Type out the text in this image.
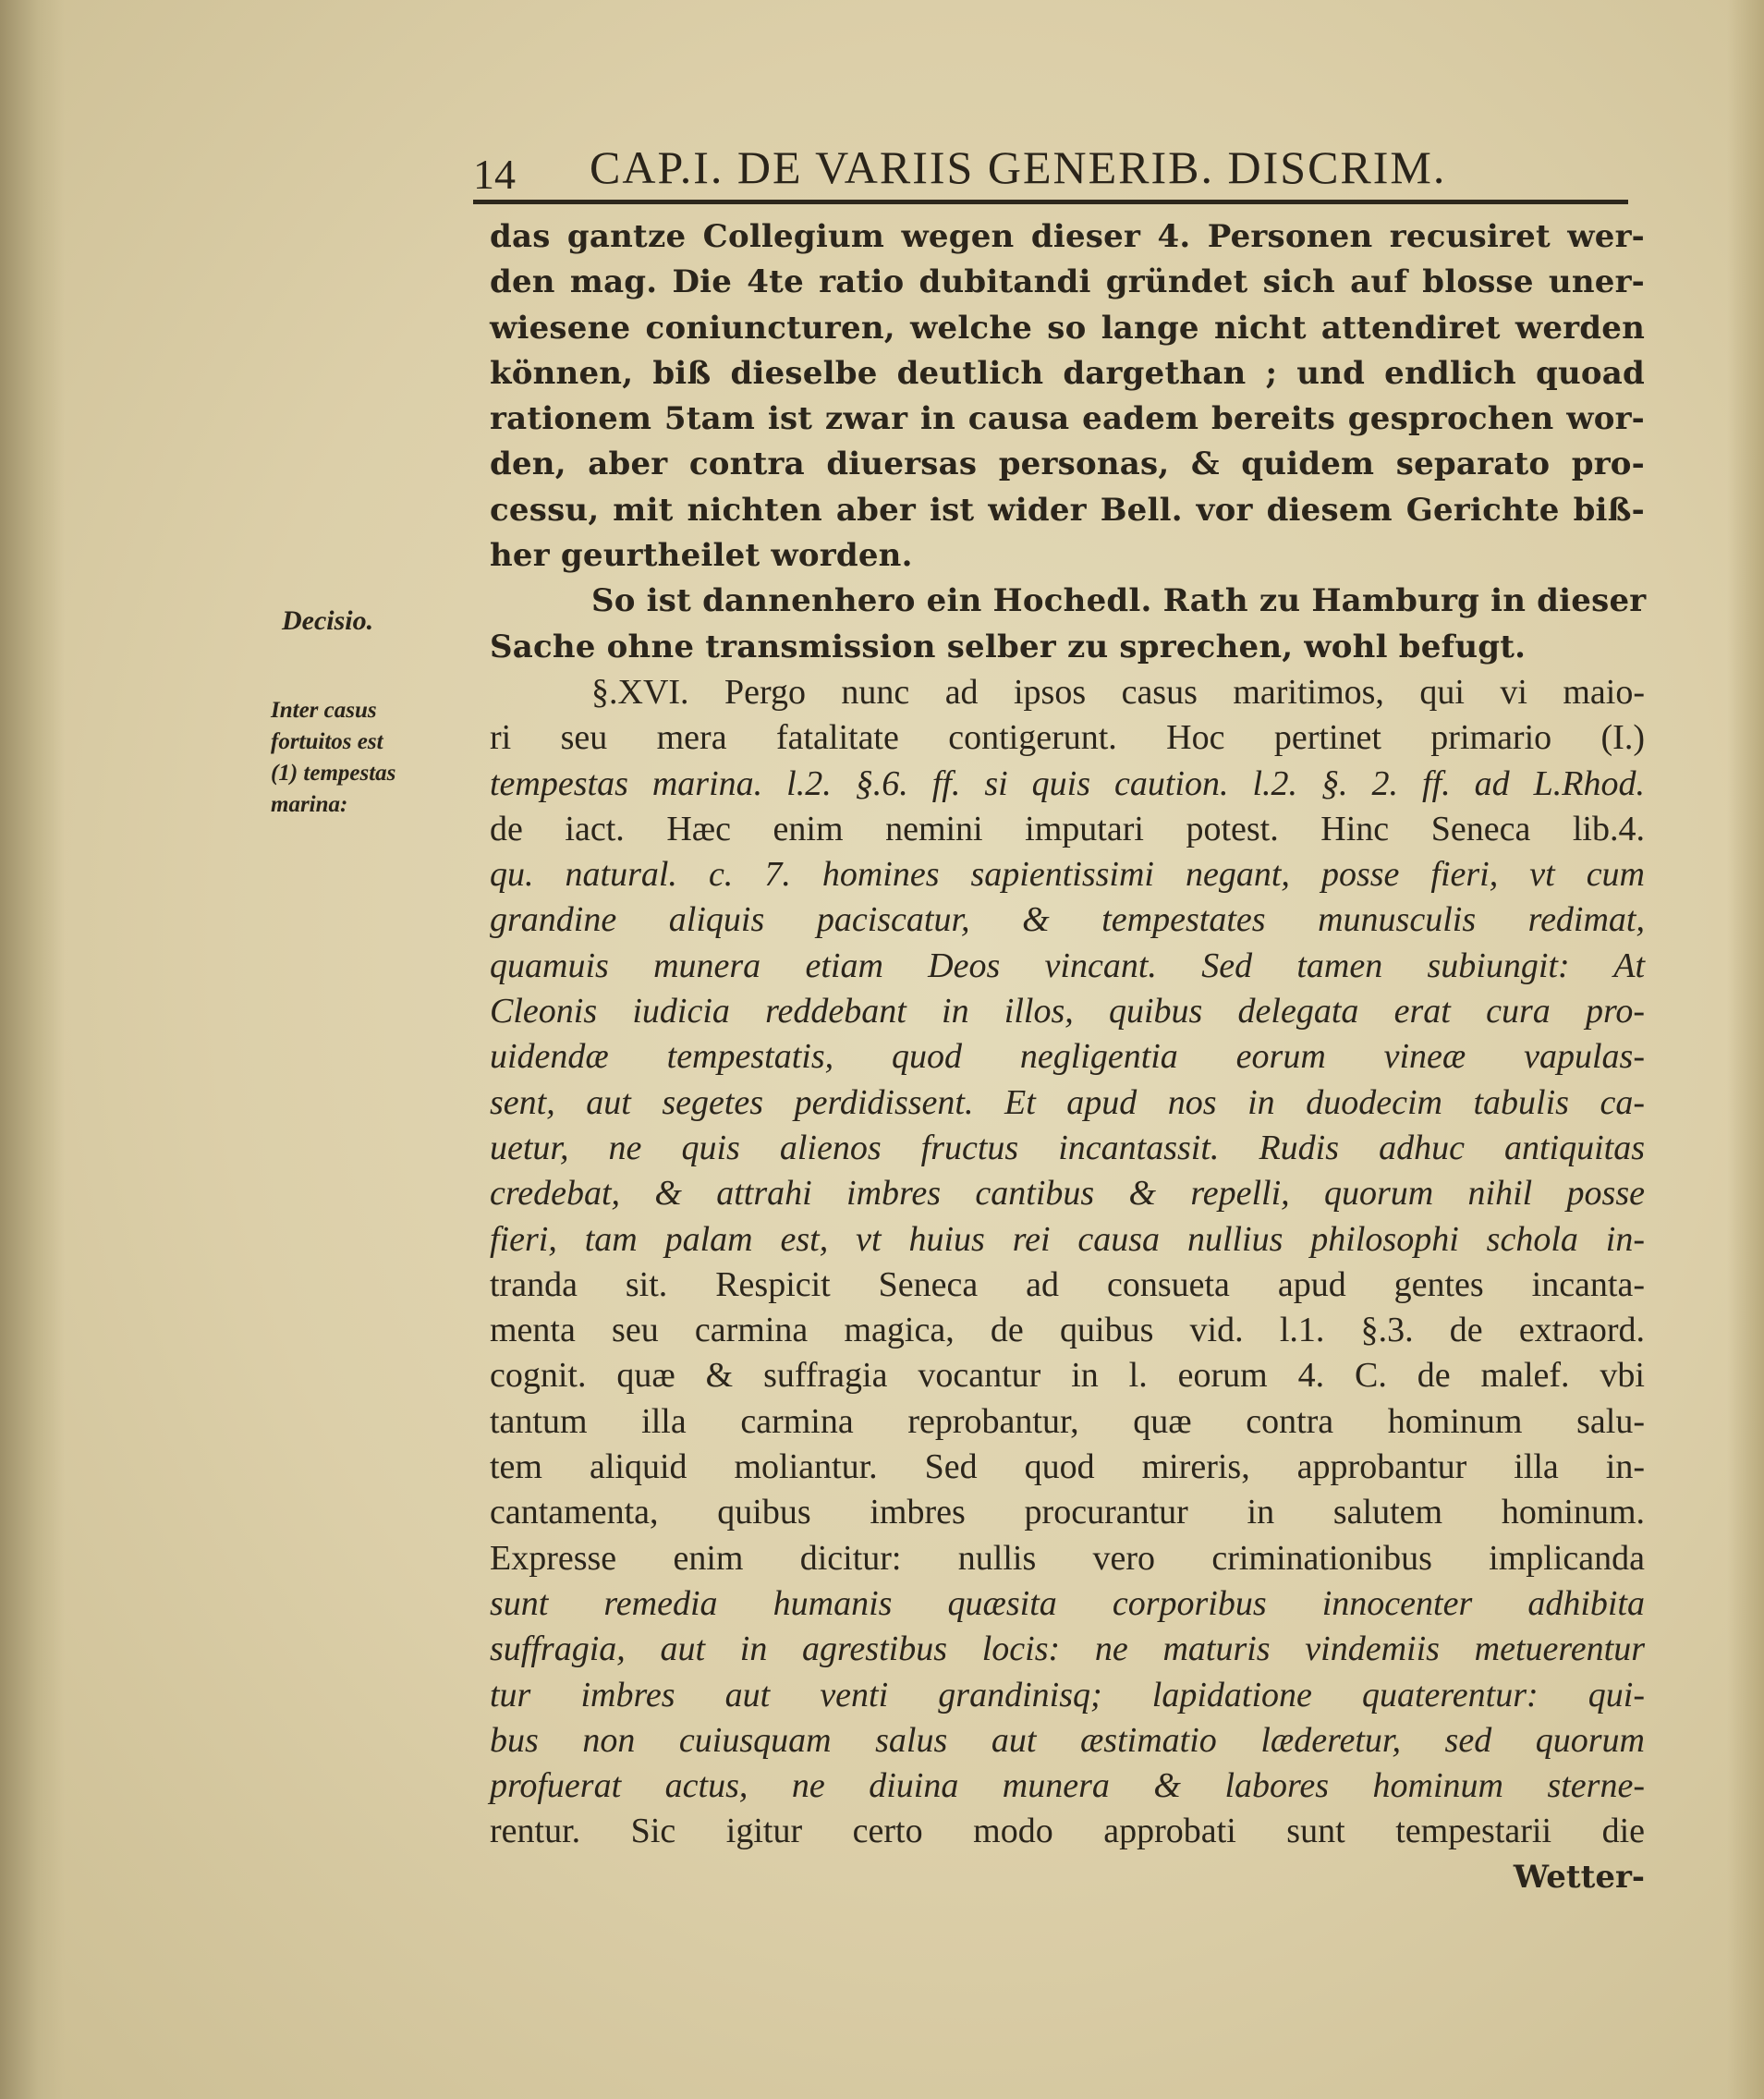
14 CAP.I. DE VARIIS GENERIB. DISCRIM.
Decisio.
Inter casus
fortuitos est
(1) tempestas
marina:
das gantze Collegium wegen dieser 4. Personen recusiret wer-
den mag. Die 4te ratio dubitandi gründet sich auf blosse uner-
wiesene coniuncturen, welche so lange nicht attendiret werden
können, biß dieselbe deutlich dargethan ; und endlich quoad
rationem 5tam ist zwar in causa eadem bereits gesprochen wor-
den, aber contra diuersas personas, & quidem separato pro-
cessu, mit nichten aber ist wider Bell. vor diesem Gerichte biß-
her geurtheilet worden.
So ist dannenhero ein Hochedl. Rath zu Hamburg in dieser
Sache ohne transmission selber zu sprechen, wohl befugt.
§.XVI. Pergo nunc ad ipsos casus maritimos, qui vi maio-
ri seu mera fatalitate contigerunt. Hoc pertinet primario (I.)
tempestas marina. l.2. §.6. ff. si quis caution. l.2. §. 2. ff. ad L.Rhod.
de iact. Hæc enim nemini imputari potest. Hinc Seneca lib.4.
qu. natural. c. 7. homines sapientissimi negant, posse fieri, vt cum
grandine aliquis paciscatur, & tempestates munusculis redimat,
quamuis munera etiam Deos vincant. Sed tamen subiungit: At
Cleonis iudicia reddebant in illos, quibus delegata erat cura pro-
uidendæ tempestatis, quod negligentia eorum vineæ vapulas-
sent, aut segetes perdidissent. Et apud nos in duodecim tabulis ca-
uetur, ne quis alienos fructus incantassit. Rudis adhuc antiquitas
credebat, & attrahi imbres cantibus & repelli, quorum nihil posse
fieri, tam palam est, vt huius rei causa nullius philosophi schola in-
tranda sit. Respicit Seneca ad consueta apud gentes incanta-
menta seu carmina magica, de quibus vid. l.1. §.3. de extraord.
cognit. quæ & suffragia vocantur in l. eorum 4. C. de malef. vbi
tantum illa carmina reprobantur, quæ contra hominum salu-
tem aliquid moliantur. Sed quod mireris, approbantur illa in-
cantamenta, quibus imbres procurantur in salutem hominum.
Expresse enim dicitur: nullis vero criminationibus implicanda
sunt remedia humanis quæsita corporibus innocenter adhibita
suffragia, aut in agrestibus locis: ne maturis vindemiis metuerentur
tur imbres aut venti grandinisq; lapidatione quaterentur: qui-
bus non cuiusquam salus aut æstimatio læderetur, sed quorum
profuerat actus, ne diuina munera & labores hominum sterne-
rentur. Sic igitur certo modo approbati sunt tempestarii die
Wetter-
